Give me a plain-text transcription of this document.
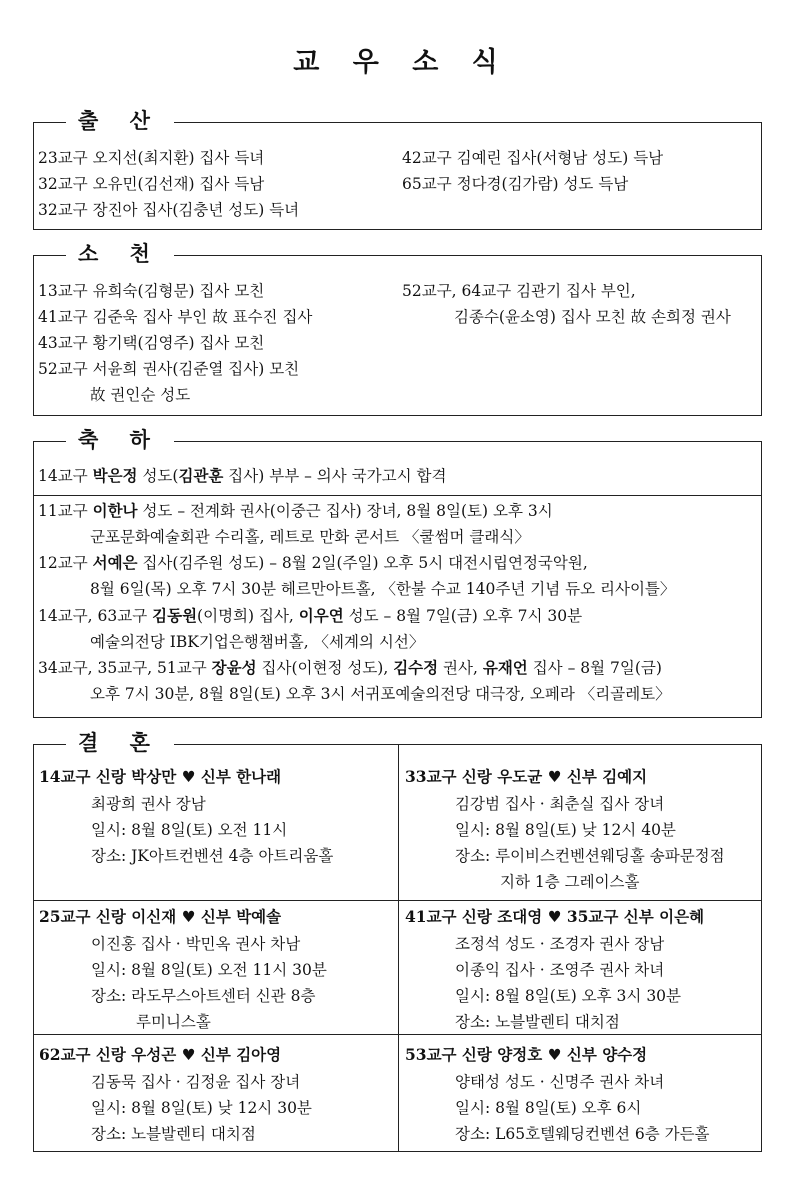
교 우 소 식
23교구 오지선(최지환) 집사 득녀
32교구 오유민(김선재) 집사 득남
32교구 장진아 집사(김충년 성도) 득녀
42교구 김예린 집사(서형남 성도) 득남
65교구 정다경(김가람) 성도 득남
출 산
13교구 유희숙(김형문) 집사 모친
41교구 김준욱 집사 부인 故 표수진 집사
43교구 황기택(김영주) 집사 모친
52교구 서윤희 권사(김준열 집사) 모친
故 권인순 성도
52교구, 64교구 김관기 집사 부인,
김종수(윤소영) 집사 모친 故 손희정 권사
소 천
14교구 박은정 성도(김관훈 집사) 부부 – 의사 국가고시 합격
11교구 이한나 성도 – 전계화 권사(이중근 집사) 장녀, 8월 8일(토) 오후 3시
군포문화예술회관 수리홀, 레트로 만화 콘서트 〈쿨썸머 클래식〉
12교구 서예은 집사(김주원 성도) – 8월 2일(주일) 오후 5시 대전시립연정국악원,
8월 6일(목) 오후 7시 30분 헤르만아트홀, 〈한불 수교 140주년 기념 듀오 리사이틀〉
14교구, 63교구 김동원(이명희) 집사, 이우연 성도 – 8월 7일(금) 오후 7시 30분
예술의전당 IBK기업은행챔버홀, 〈세계의 시선〉
34교구, 35교구, 51교구 장윤성 집사(이현정 성도), 김수정 권사, 유재언 집사 – 8월 7일(금)
오후 7시 30분, 8월 8일(토) 오후 3시 서귀포예술의전당 대극장, 오페라 〈리골레토〉
축 하
14교구 신랑 박상만 ♥ 신부 한나래
최광희 권사 장남
일시: 8월 8일(토) 오전 11시
장소: JK아트컨벤션 4층 아트리움홀
33교구 신랑 우도균 ♥ 신부 김예지
김강범 집사 · 최춘실 집사 장녀
일시: 8월 8일(토) 낮 12시 40분
장소: 루이비스컨벤션웨딩홀 송파문정점
지하 1층 그레이스홀
25교구 신랑 이신재 ♥ 신부 박예솔
이진홍 집사 · 박민옥 권사 차남
일시: 8월 8일(토) 오전 11시 30분
장소: 라도무스아트센터 신관 8층
루미니스홀
41교구 신랑 조대영 ♥ 35교구 신부 이은혜
조정석 성도 · 조경자 권사 장남
이종익 집사 · 조영주 권사 차녀
일시: 8월 8일(토) 오후 3시 30분
장소: 노블발렌티 대치점
62교구 신랑 우성곤 ♥ 신부 김아영
김동묵 집사 · 김정윤 집사 장녀
일시: 8월 8일(토) 낮 12시 30분
장소: 노블발렌티 대치점
53교구 신랑 양정호 ♥ 신부 양수정
양태성 성도 · 신명주 권사 차녀
일시: 8월 8일(토) 오후 6시
장소: L65호텔웨딩컨벤션 6층 가든홀
결 혼
